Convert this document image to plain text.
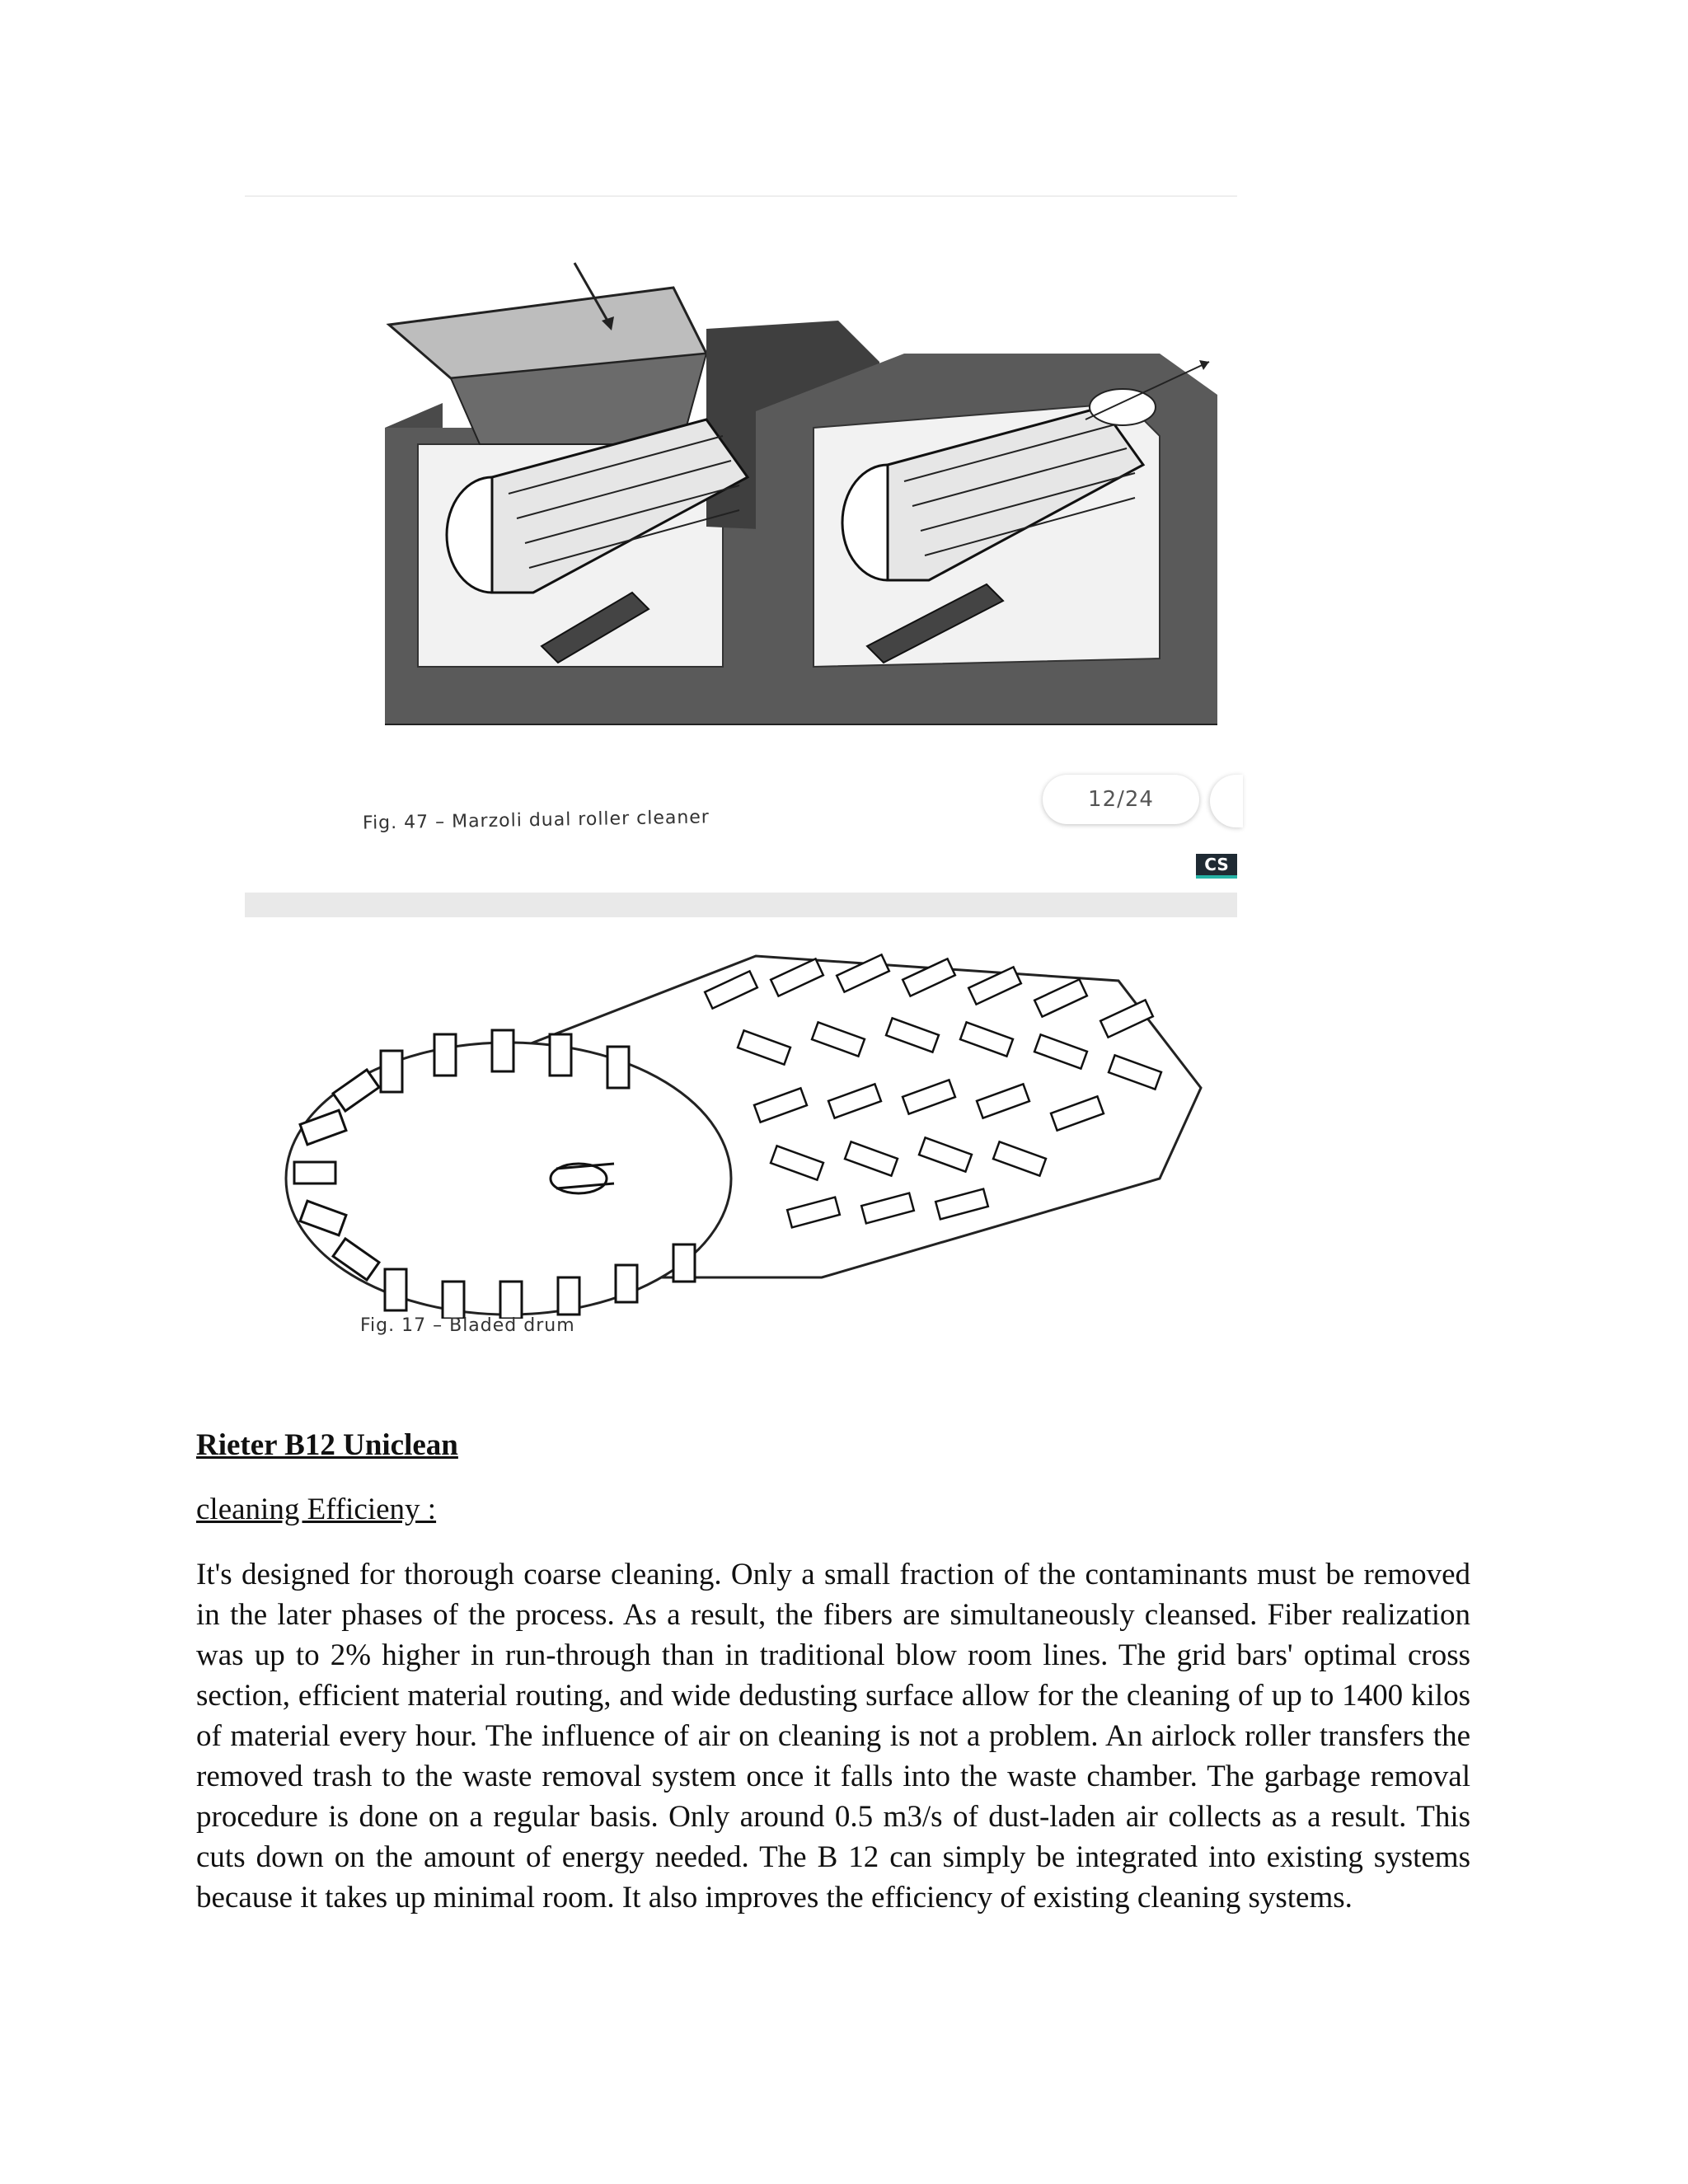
Fig. 47 – Marzoli dual roller cleaner
12/24
CS
Fig. 17 – Bladed drum
Rieter B12 Uniclean
cleaning Efficieny :
It's designed for thorough coarse cleaning. Only a small fraction of the contaminants must be removed in the later phases of the process. As a result, the fibers are simultaneously cleansed. Fiber realization was up to 2% higher in run-through than in traditional blow room lines. The grid bars' optimal cross section, efficient material routing, and wide dedusting surface allow for the cleaning of up to 1400 kilos of material every hour. The influence of air on cleaning is not a problem. An airlock roller transfers the removed trash to the waste removal system once it falls into the waste chamber. The garbage removal procedure is done on a regular basis. Only around 0.5 m3/s of dust-laden air collects as a result. This cuts down on the amount of energy needed. The B 12 can simply be integrated into existing systems because it takes up minimal room. It also improves the efficiency of existing cleaning systems.
